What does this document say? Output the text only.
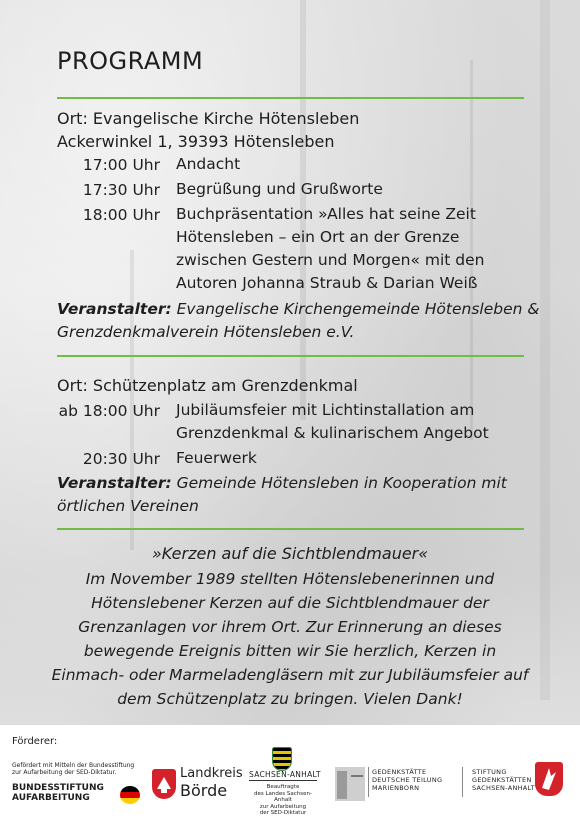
PROGRAMM
Ort: Evangelische Kirche Hötensleben
Ackerwinkel 1, 39393 Hötensleben
17:00 Uhr Andacht
17:30 Uhr Begrüßung und Grußworte
18:00 Uhr Buchpräsentation »Alles hat seine Zeit
Hötensleben – ein Ort an der Grenze
zwischen Gestern und Morgen« mit den
Autoren Johanna Straub & Darian Weiß
Veranstalter: Evangelische Kirchengemeinde Hötensleben &
Grenzdenkmalverein Hötensleben e.V.
Ort: Schützenplatz am Grenzdenkmal
ab 18:00 Uhr Jubiläumsfeier mit Lichtinstallation am
Grenzdenkmal & kulinarischem Angebot
20:30 Uhr Feuerwerk
Veranstalter: Gemeinde Hötensleben in Kooperation mit
örtlichen Vereinen
»Kerzen auf die Sichtblendmauer«
Im November 1989 stellten Hötenslebenerinnen und
Hötenslebener Kerzen auf die Sichtblendmauer der
Grenzanlagen vor ihrem Ort. Zur Erinnerung an dieses
bewegende Ereignis bitten wir Sie herzlich, Kerzen in
Einmach- oder Marmeladengläsern mit zur Jubiläumsfeier auf
dem Schützenplatz zu bringen. Vielen Dank!
Förderer:
Gefördert mit Mitteln der Bundesstiftung
zur Aufarbeitung der SED-Diktatur.
BUNDESSTIFTUNG
AUFARBEITUNG
Landkreis
Börde
SACHSEN-ANHALT
Beauftragte
des Landes Sachsen-Anhalt
zur Aufarbeitung
der SED-Diktatur
GEDENKSTÄTTE
DEUTSCHE TEILUNG
MARIENBORN
STIFTUNG
GEDENKSTÄTTEN
SACHSEN-ANHALT
